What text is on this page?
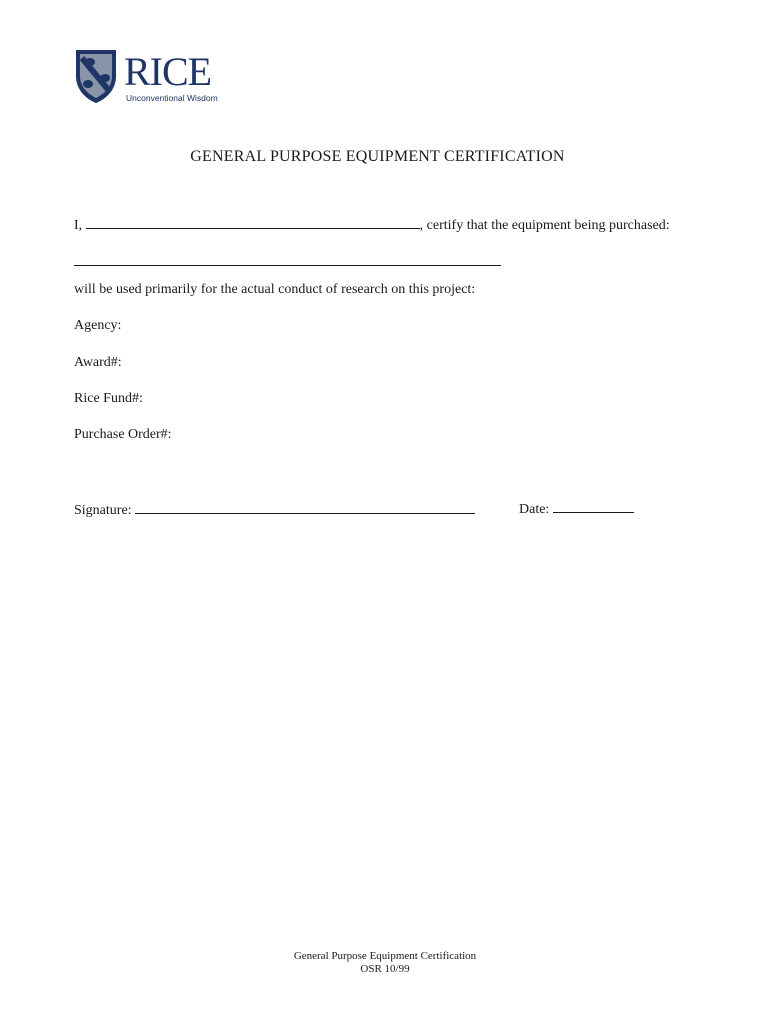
RICE
Unconventional Wisdom
GENERAL PURPOSE EQUIPMENT CERTIFICATION
I,	, certify that the equipment being purchased:
will be used primarily for the actual conduct of research on this project:
Agency:
Award#:
Rice Fund#:
Purchase Order#:
Signature:	Date:
General Purpose Equipment Certification
OSR 10/99
